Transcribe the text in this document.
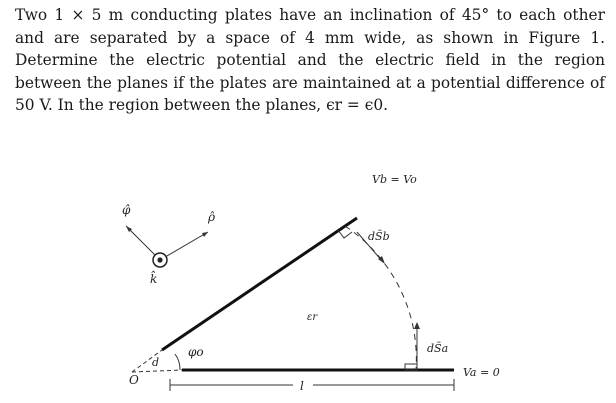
Two 1 × 5 m conducting plates have an inclination of 45° to each other and are separated by a space of 4 mm wide, as shown in Figure 1. Determine the electric potential and the electric field in the region between the planes if the plates are maintained at a potential difference of 50 V. In the region between the planes, ϵr = ϵ0.

φ̂	ρ̂
k̂
φo
d
O	l
dS̄b
dS̄a
Vb = Vo
Va = 0
εr
